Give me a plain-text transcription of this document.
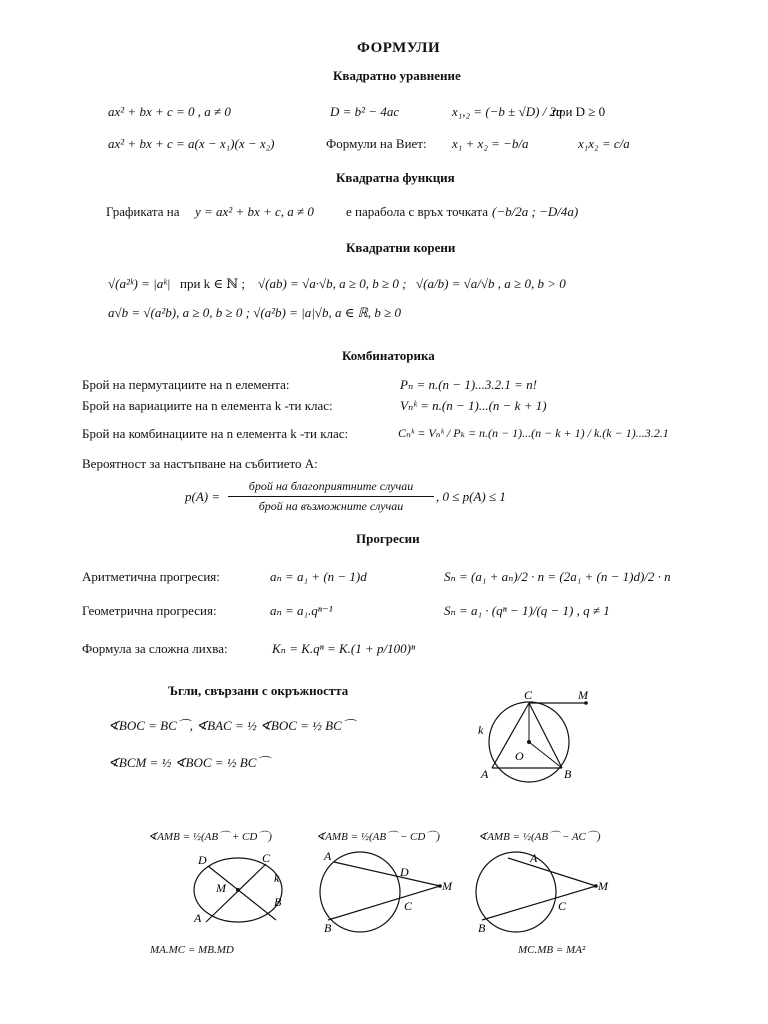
ФОРМУЛИ
Квадратно уравнение
ax² + bx + c = 0 , a ≠ 0	D = b² − 4ac	x₁,₂ = (−b ± √D) / 2a
при D ≥ 0
ax² + bx + c = a(x − x₁)(x − x₂)	Формули на Виет: x₁ + x₂ = −b/a	x₁x₂ = c/a
Квадратна функция
Графиката на y = ax² + bx + c, a ≠ 0 е парабола с връх точката (−b/2a ; −D/4a)
Квадратни корени
√(a²ᵏ) = |aᵏ| при k ∈ ℕ ; √(ab) = √a·√b, a ≥ 0, b ≥ 0 ; √(a/b) = √a/√b , a ≥ 0, b > 0
a√b = √(a²b), a ≥ 0, b ≥ 0 ; √(a²b) = |a|√b, a ∈ ℝ, b ≥ 0
Комбинаторика
Брой на пермутациите на n елемента:	Pₙ = n.(n − 1)...3.2.1 = n!
Брой на вариациите на n елемента k -ти клас:	Vₙᵏ = n.(n − 1)...(n − k + 1)
Брой на комбинациите на n елемента k -ти клас:	Cₙᵏ = Vₙᵏ / Pₖ = n.(n − 1)...(n − k + 1) / k.(k − 1)...3.2.1
Вероятност за настъпване на събитието A:
p(A) =
брой на благоприятните случаи
брой на възможните случаи
, 0 ≤ p(A) ≤ 1
Прогресии
Аритметична прогресия:	aₙ = a₁ + (n − 1)d	Sₙ = (a₁ + aₙ)/2 · n = (2a₁ + (n − 1)d)/2 · n
Геометрична прогресия:	aₙ = a₁.qⁿ⁻¹	Sₙ = a₁ · (qⁿ − 1)/(q − 1) , q ≠ 1
Формула за сложна лихва:	Kₙ = K.qⁿ = K.(1 + p/100)ⁿ
Ъгли, свързани с окръжността
∢BOC = BC⌒, ∢BAC = ½ ∢BOC = ½ BC⌒
∢BCM = ½ ∢BOC = ½ BC⌒
C	M
k
O
A	B
∢AMB = ½(AB⌒ + CD⌒)	∢AMB = ½(AB⌒ − CD⌒)	∢AMB = ½(AB⌒ − AC⌒)
D	C
M
k
B
A
A
D
M
C
B
A
M
C
B
MA.MC = MB.MD	MC.MB = MA²
